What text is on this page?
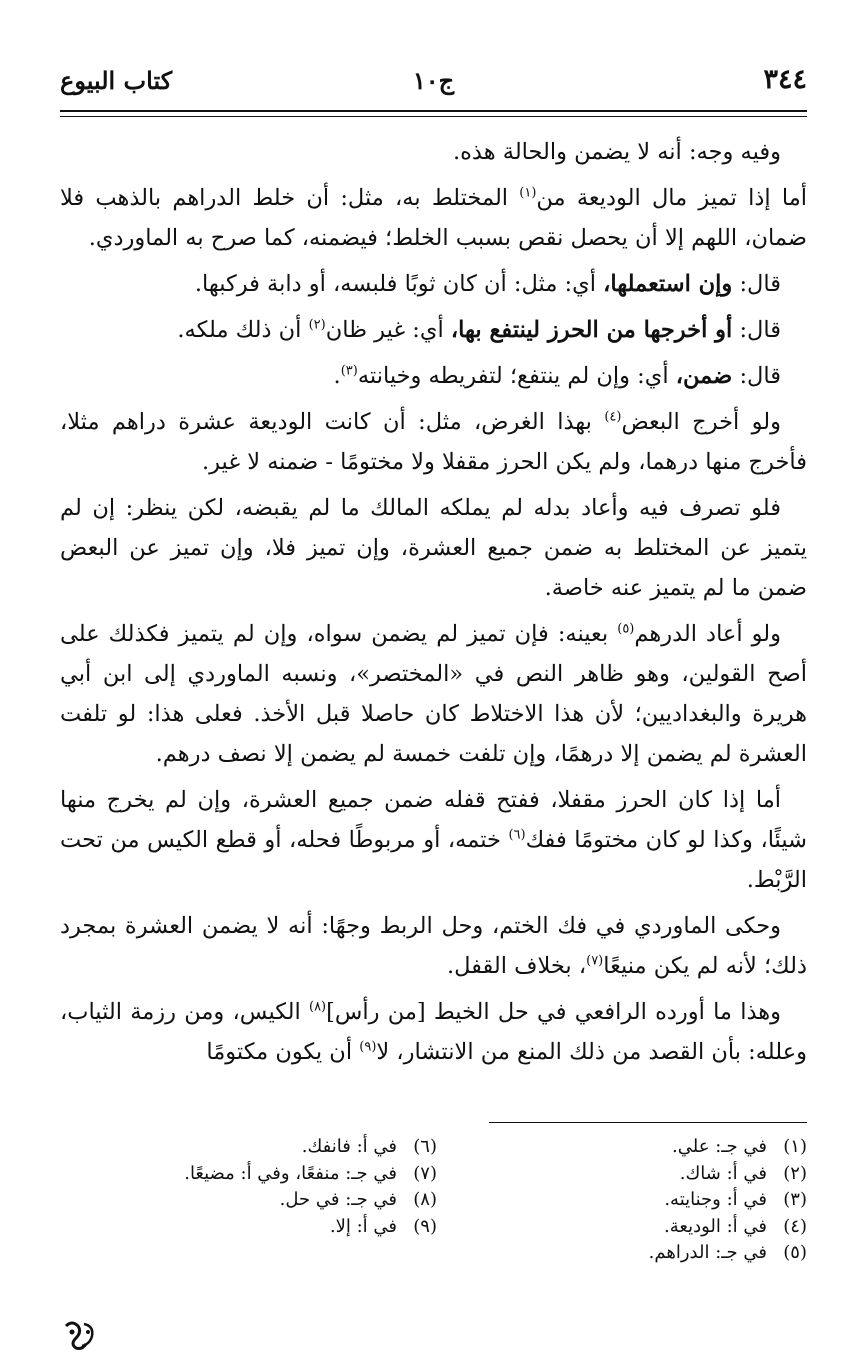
٣٤٤
ج١٠
كتاب البيوع

وفيه وجه: أنه لا يضمن والحالة هذه.

أما إذا تميز مال الوديعة من$^{(١)}$ المختلط به، مثل: أن خلط الدراهم بالذهب فلا ضمان، اللهم إلا أن يحصل نقص بسبب الخلط؛ فيضمنه، كما صرح به الماوردي.

قال: وإن استعملها، أي: مثل: أن كان ثوبًا فلبسه، أو دابة فركبها.

قال: أو أخرجها من الحرز لينتفع بها، أي: غير ظان$^{(٢)}$ أن ذلك ملكه.

قال: ضمن، أي: وإن لم ينتفع؛ لتفريطه وخيانته$^{(٣)}$.

ولو أخرج البعض$^{(٤)}$ بهذا الغرض، مثل: أن كانت الوديعة عشرة دراهم مثلا، فأخرج منها درهما، ولم يكن الحرز مقفلا ولا مختومًا - ضمنه لا غير.

فلو تصرف فيه وأعاد بدله لم يملكه المالك ما لم يقبضه، لكن ينظر: إن لم يتميز عن المختلط به ضمن جميع العشرة، وإن تميز فلا، وإن تميز عن البعض ضمن ما لم يتميز عنه خاصة.

ولو أعاد الدرهم$^{(٥)}$ بعينه: فإن تميز لم يضمن سواه، وإن لم يتميز فكذلك على أصح القولين، وهو ظاهر النص في «المختصر»، ونسبه الماوردي إلى ابن أبي هريرة والبغداديين؛ لأن هذا الاختلاط كان حاصلا قبل الأخذ. فعلى هذا: لو تلفت العشرة لم يضمن إلا درهمًا، وإن تلفت خمسة لم يضمن إلا نصف درهم.

أما إذا كان الحرز مقفلا، ففتح قفله ضمن جميع العشرة، وإن لم يخرج منها شيئًا، وكذا لو كان مختومًا ففك$^{(٦)}$ ختمه، أو مربوطًا فحله، أو قطع الكيس من تحت الرَّبْط.

وحكى الماوردي في فك الختم، وحل الربط وجهًا: أنه لا يضمن العشرة بمجرد ذلك؛ لأنه لم يكن منيعًا$^{(٧)}$، بخلاف القفل.

وهذا ما أورده الرافعي في حل الخيط [من رأس]$^{(٨)}$ الكيس، ومن رزمة الثياب، وعلله: بأن القصد من ذلك المنع من الانتشار، لا$^{(٩)}$ أن يكون مكتومًا

(١)في جـ: علي.
(٢)في أ: شاك.
(٣)في أ: وجنايته.
(٤)في أ: الوديعة.
(٥)في جـ: الدراهم.
(٦)في أ: فانفك.
(٧)في جـ: منفعًا، وفي أ: مضيعًا.
(٨)في جـ: في حل.
(٩)في أ: إلا.
